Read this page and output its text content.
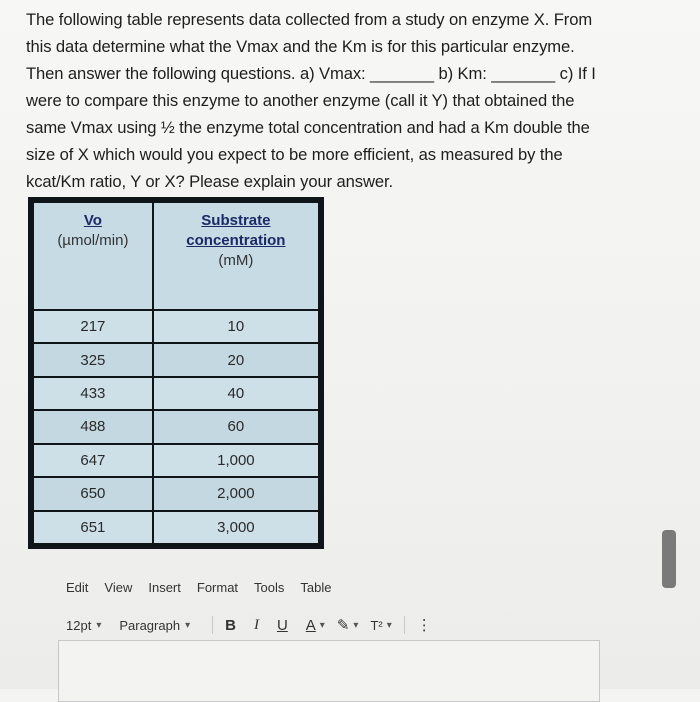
The following table represents data collected from a study on enzyme X. From

this data determine what the Vmax and the Km is for this particular enzyme.

Then answer the following questions. a) Vmax: _______ b) Km: _______ c) If I

were to compare this enzyme to another enzyme (call it Y) that obtained the

same Vmax using ½ the enzyme total concentration and had a Km double the

size of X which would you expect to be more efficient, as measured by the

kcat/Km ratio, Y or X? Please explain your answer.

Vo
(µmol/min)	Substrate
concentration
(mM)

217	10
325	20
433	40
488	60
647	1,000
650	2,000
651	3,000
Edit View Insert Format Tools Table
12pt ▾ Paragraph ▾ B I U A ▾ ✎ ▾ T² ▾ ⋮
